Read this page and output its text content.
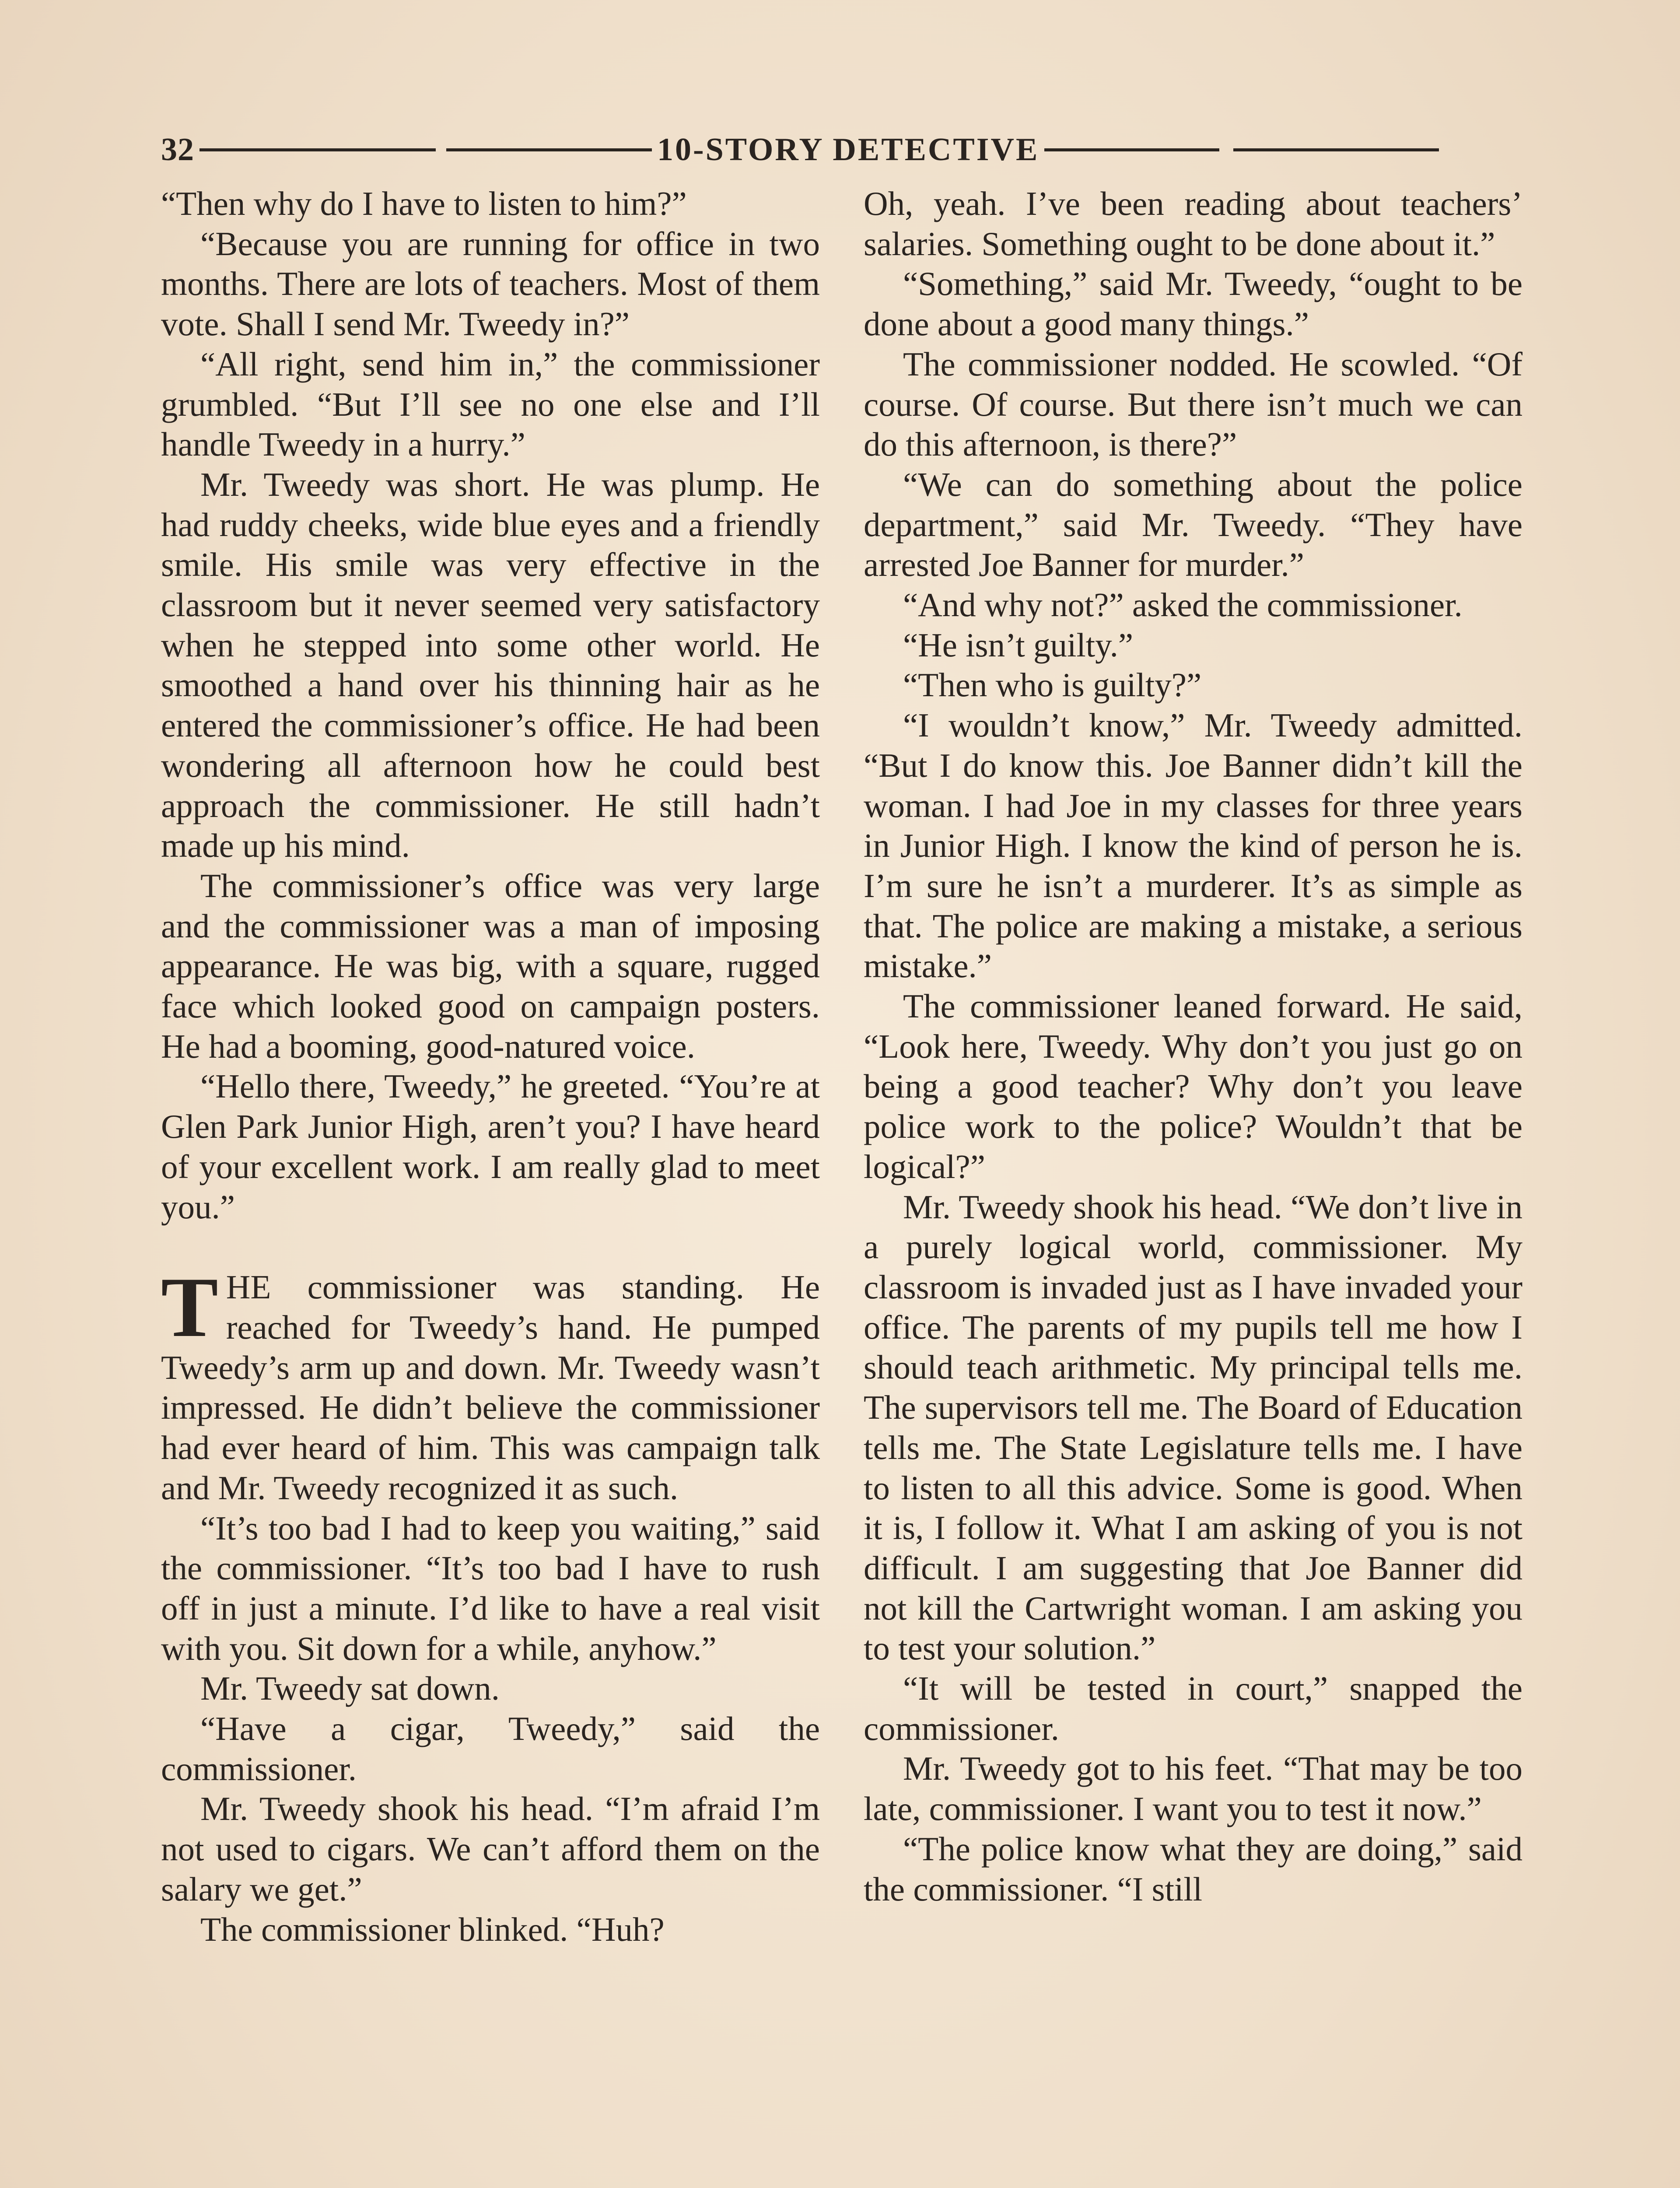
32	10-STORY DETECTIVE

“Then why do I have to listen to him?”

“Because you are running for office in two months. There are lots of teachers. Most of them vote. Shall I send Mr. Tweedy in?”

“All right, send him in,” the commissioner grumbled. “But I’ll see no one else and I’ll handle Tweedy in a hurry.”

Mr. Tweedy was short. He was plump. He had ruddy cheeks, wide blue eyes and a friendly smile. His smile was very effective in the classroom but it never seemed very satisfactory when he stepped into some other world. He smoothed a hand over his thinning hair as he entered the commissioner’s office. He had been wondering all afternoon how he could best approach the commissioner. He still hadn’t made up his mind.

The commissioner’s office was very large and the commissioner was a man of imposing appearance. He was big, with a square, rugged face which looked good on campaign posters. He had a booming, good-natured voice.

“Hello there, Tweedy,” he greeted. “You’re at Glen Park Junior High, aren’t you? I have heard of your excellent work. I am really glad to meet you.”

THE commissioner was standing. He reached for Tweedy’s hand. He pumped Tweedy’s arm up and down. Mr. Tweedy wasn’t impressed. He didn’t believe the commissioner had ever heard of him. This was campaign talk and Mr. Tweedy recognized it as such.

“It’s too bad I had to keep you waiting,” said the commissioner. “It’s too bad I have to rush off in just a minute. I’d like to have a real visit with you. Sit down for a while, anyhow.”

Mr. Tweedy sat down.

“Have a cigar, Tweedy,” said the commissioner.

Mr. Tweedy shook his head. “I’m afraid I’m not used to cigars. We can’t afford them on the salary we get.”

The commissioner blinked. “Huh?

Oh, yeah. I’ve been reading about teachers’ salaries. Something ought to be done about it.”

“Something,” said Mr. Tweedy, “ought to be done about a good many things.”

The commissioner nodded. He scowled. “Of course. Of course. But there isn’t much we can do this afternoon, is there?”

“We can do something about the police department,” said Mr. Tweedy. “They have arrested Joe Banner for murder.”

“And why not?” asked the commissioner.

“He isn’t guilty.”

“Then who is guilty?”

“I wouldn’t know,” Mr. Tweedy admitted. “But I do know this. Joe Banner didn’t kill the woman. I had Joe in my classes for three years in Junior High. I know the kind of person he is. I’m sure he isn’t a murderer. It’s as simple as that. The police are making a mistake, a serious mistake.”

The commissioner leaned forward. He said, “Look here, Tweedy. Why don’t you just go on being a good teacher? Why don’t you leave police work to the police? Wouldn’t that be logical?”

Mr. Tweedy shook his head. “We don’t live in a purely logical world, commissioner. My classroom is invaded just as I have invaded your office. The parents of my pupils tell me how I should teach arithmetic. My principal tells me. The supervisors tell me. The Board of Education tells me. The State Legislature tells me. I have to listen to all this advice. Some is good. When it is, I follow it. What I am asking of you is not difficult. I am suggesting that Joe Banner did not kill the Cartwright woman. I am asking you to test your solution.”

“It will be tested in court,” snapped the commissioner.

Mr. Tweedy got to his feet. “That may be too late, commissioner. I want you to test it now.”

“The police know what they are doing,” said the commissioner. “I still
